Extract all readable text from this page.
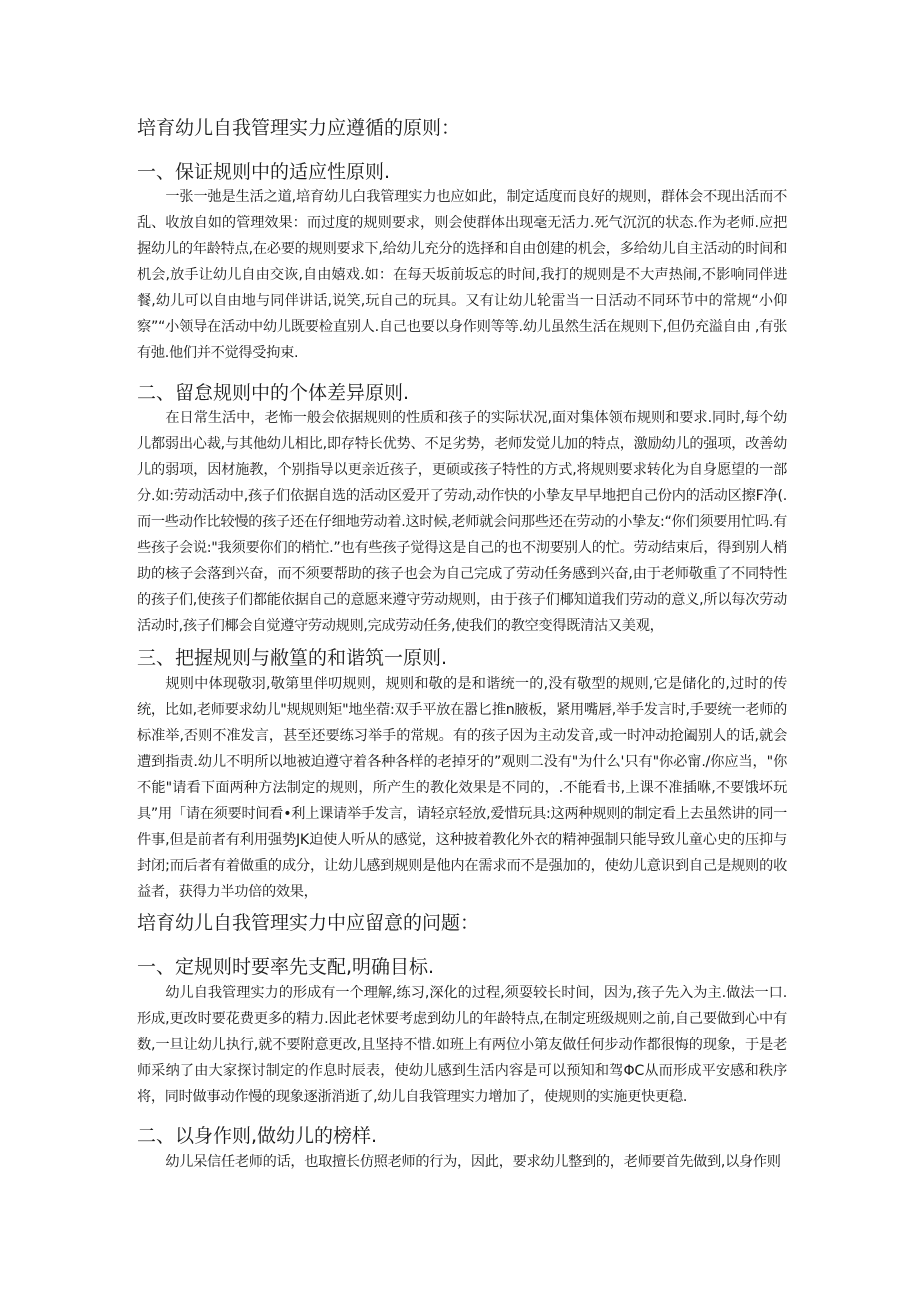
培育幼儿自我管理实力应遵循的原则：
一、保证规则中的适应性原则.

一张一弛是生活之道,培育幼儿白我管理实力也应如此，制定适度而良好的规则，群体会不现出活而不乱、收放自如的管理效果：而过度的规则要求，则会使群体出现毫无活力.死气沉沉的状态.作为老师.应把握幼儿的年龄特点,在必要的规则要求下,给幼儿充分的选择和自由创建的机会，多给幼儿自主活动的时间和机会,放手让幼儿自由交诙,自由嬉戏.如：在每天坂前坂忘的时间,我打的规则是不大声热闹,不影响同伴进餐,幼儿可以自由地与同伴讲话,说笑,玩自己的玩具。又有让幼儿轮雷当一日活动不同环节中的常规“小仰察”“小领导在活动中幼儿既要检直别人.自己也要以身作则等等.幼儿虽然生活在规则下,但仍充溢自由 ,有张有弛.他们并不觉得受拘束.

二、留怠规则中的个体差异原则.

在日常生活中，老怖一般会依据规则的性质和孩子的实际状况,面对集体领布规则和要求.同时,每个幼儿都弱出心裁,与其他幼儿相比,即存特长优势、不足劣势，老师发觉儿加的特点，激励幼儿的强项，改善幼儿的弱项，因材施教，个别指导以更亲近孩子，更硕或孩子特性的方式,将规则要求转化为自身愿望的一部分.如:劳动活动中,孩子们依据自选的活动区爱开了劳动,动作快的小挚友早早地把自己份内的活动区擦F净(.而一些动作比较慢的孩子还在仔细地劳动着.这时候,老师就会问那些还在劳动的小挚友:“你们须要用忙吗.有些孩子会说:"我须要你们的梢忙.”也有些孩子觉得这是自己的也不沏要别人的忙。劳动结束后，得到别人梢助的核子会落到兴奋，而不须要帮助的孩子也会为自己完成了劳动任务感到兴奋,由于老师敬重了不同特性的孩子们,使孩子们都能依据自己的意愿来遵守劳动规则，由于孩子们椰知道我们劳动的意义,所以每次劳动活动时,孩子们椰会自觉遵守劳动规则,完成劳动任务,使我们的教空变得既清沽又美观，

三、把握规则与敝篁的和谐筑一原则.

规则中体现敬羽,敬第里伴叨规则，规则和敬的是和谐统一的,没有敬型的规则,它是储化的,过时的传统，比如,老师要求幼儿"规规则矩"地坐蓿:双手平放在嚣匕推n腋板，紧用嘴唇,举手发言时,手要统一老师的标准举,否则不准发言，甚至还要练习举手的常规。有的孩子因为主动发音,或一时冲动抢阖别人的话,就会遭到指责.幼儿不明所以地被迫遵守着各种各样的老掉牙的”观则二没有"为什么'只有"你必甯./你应当，"你不能"请看下面两种方法制定的规则，所产生的教化效果是不同的，.不能看书,上课不准插咻,不要饿坏玩具”用「请在须要时间看•利上课请举手发言，请轻京轻放,爱惜玩具:这两种规则的制定看上去虽然讲的同一件事,但是前者有利用强势JK迫使人听从的感觉，这种披着教化外衣的精神强制只能导致儿童心史的压抑与封闭;而后者有着做重的成分，让幼儿感到规则是他内在需求而不是强加的，使幼儿意识到自己是规则的收益者，获得力半功倍的效果，

培育幼儿自我管理实力中应留意的问题：
一、定规则时要率先支配,明确目标.

幼儿自我管理实力的形成有一个理解,练习,深化的过程,须耍较长时间，因为,孩子先入为主.做法一口.形成,更改时要花费更多的精力.因此老怵要考虑到幼儿的年龄特点,在制定班级规则之前,自己要做到心中有数,一旦让幼儿执行,就不要附意更改,且坚持不惜.如班上有两位小第友做任何步动作都很悔的现象，于是老师采纳了由大家探讨制定的作息时辰表，使幼儿感到生活内容是可以预知和驾ΦC从而形成平安感和秩序将，同时做事动作慢的现象逐浙消逝了,幼儿自我管理实力增加了，使规则的实施更快更稳.

二、以身作则,做幼儿的榜样.

幼儿呆信任老师的话，也取擅长仿照老师的行为，因此，要求幼儿整到的，老师要首先做到,以身作则
